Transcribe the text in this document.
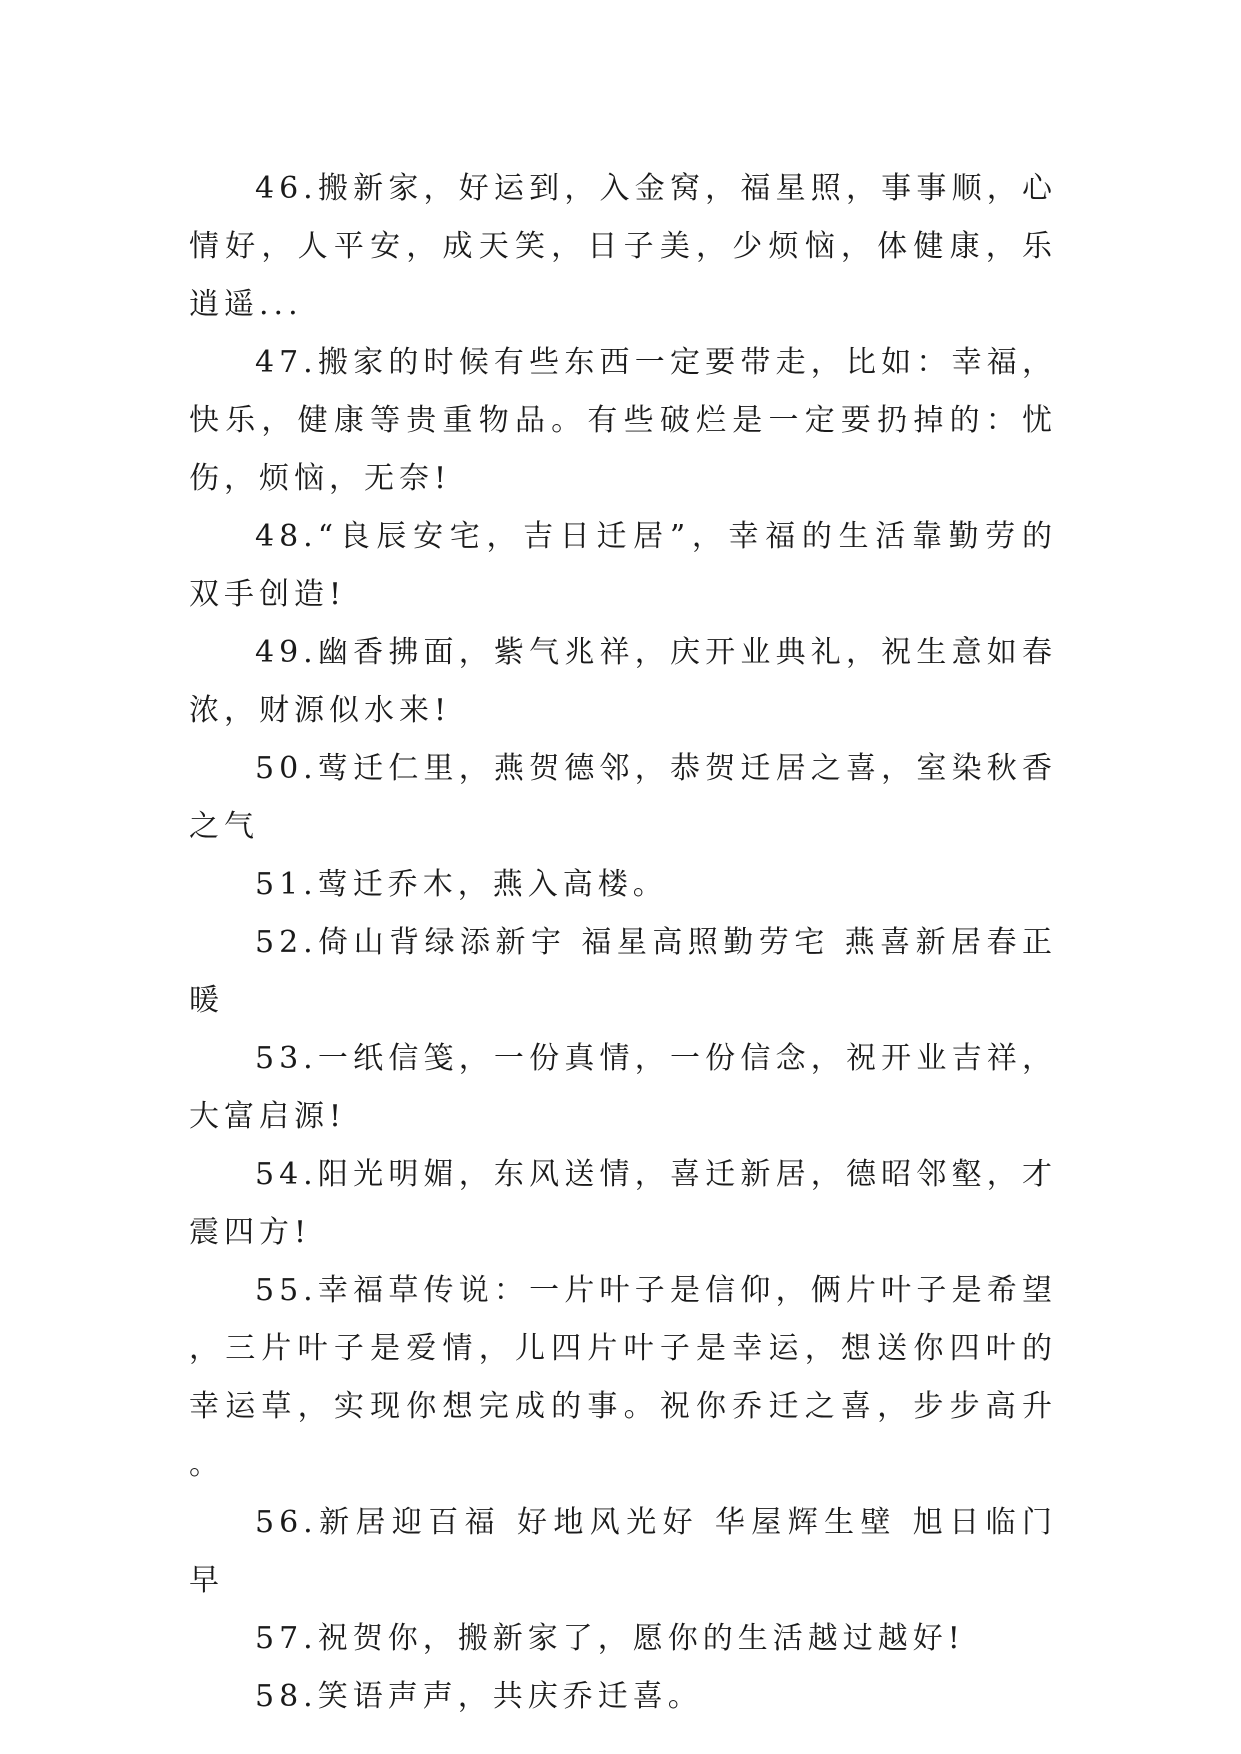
46.搬新家，好运到，入金窝，福星照，事事顺，心情好，人平安，成天笑，日子美，少烦恼，体健康，乐逍遥...

47.搬家的时候有些东西一定要带走，比如：幸福，快乐，健康等贵重物品。有些破烂是一定要扔掉的：忧伤，烦恼，无奈!

48.“良辰安宅，吉日迁居”，幸福的生活靠勤劳的双手创造!

49.幽香拂面，紫气兆祥，庆开业典礼，祝生意如春浓，财源似水来!

50.莺迁仁里，燕贺德邻，恭贺迁居之喜，室染秋香之气

51.莺迁乔木，燕入高楼。

52.倚山背绿添新宇 福星高照勤劳宅 燕喜新居春正暖

53.一纸信笺，一份真情，一份信念，祝开业吉祥，大富启源!

54.阳光明媚，东风送情，喜迁新居，德昭邻壑，才震四方!

55.幸福草传说：一片叶子是信仰，俩片叶子是希望，三片叶子是爱情，儿四片叶子是幸运，想送你四叶的幸运草，实现你想完成的事。祝你乔迁之喜，步步高升。

56.新居迎百福 好地风光好 华屋辉生壁 旭日临门早

57.祝贺你，搬新家了，愿你的生活越过越好!

58.笑语声声，共庆乔迁喜。
